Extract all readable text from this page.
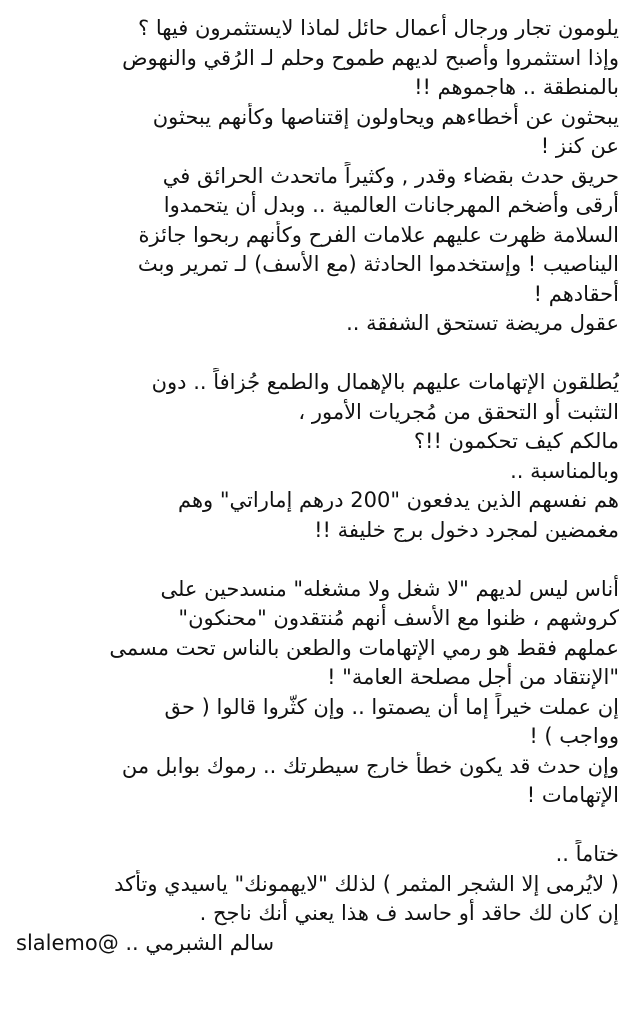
يلومون تجار ورجال أعمال حائل لماذا لايستثمرون فيها ؟
وإذا استثمروا وأصبح لديهم طموح وحلم لـ الرُقي والنهوض
بالمنطقة .. هاجموهم !!
يبحثون عن أخطاءهم ويحاولون إقتناصها وكأنهم يبحثون
عن كنز !
حريق حدث بقضاء وقدر , وكثيراً ماتحدث الحرائق في
أرقى وأضخم المهرجانات العالمية .. وبدل أن يتحمدوا
السلامة ظهرت عليهم علامات الفرح وكأنهم ربحوا جائزة
اليناصيب ! وإستخدموا الحادثة (مع الأسف) لـ تمرير وبث
أحقادهم !
عقول مريضة تستحق الشفقة ..
يُطلقون الإتهامات عليهم بالإهمال والطمع جُزافاً .. دون
التثبت أو التحقق من مُجريات الأمور ،
مالكم كيف تحكمون !!؟
وبالمناسبة ..
هم نفسهم الذين يدفعون "200 درهم إماراتي" وهم
مغمضين لمجرد دخول برج خليفة !!
أناس ليس لديهم "لا شغل ولا مشغله" منسدحين على
كروشهم ، ظنوا مع الأسف أنهم مُنتقدون "محنكون"
عملهم فقط هو رمي الإتهامات والطعن بالناس تحت مسمى
"الإنتقاد من أجل مصلحة العامة" !
إن عملت خيراً إما أن يصمتوا .. وإن كثّروا قالوا ( حق
وواجب ) !
وإن حدث قد يكون خطأ خارج سيطرتك .. رموك بوابل من
الإتهامات !
ختاماً ..
( لايُرمى إلا الشجر المثمر ) لذلك "لايهمونك" ياسيدي وتأكد
إن كان لك حاقد أو حاسد ف هذا يعني أنك ناجح .
سالم الشبرمي .. @slalemo
